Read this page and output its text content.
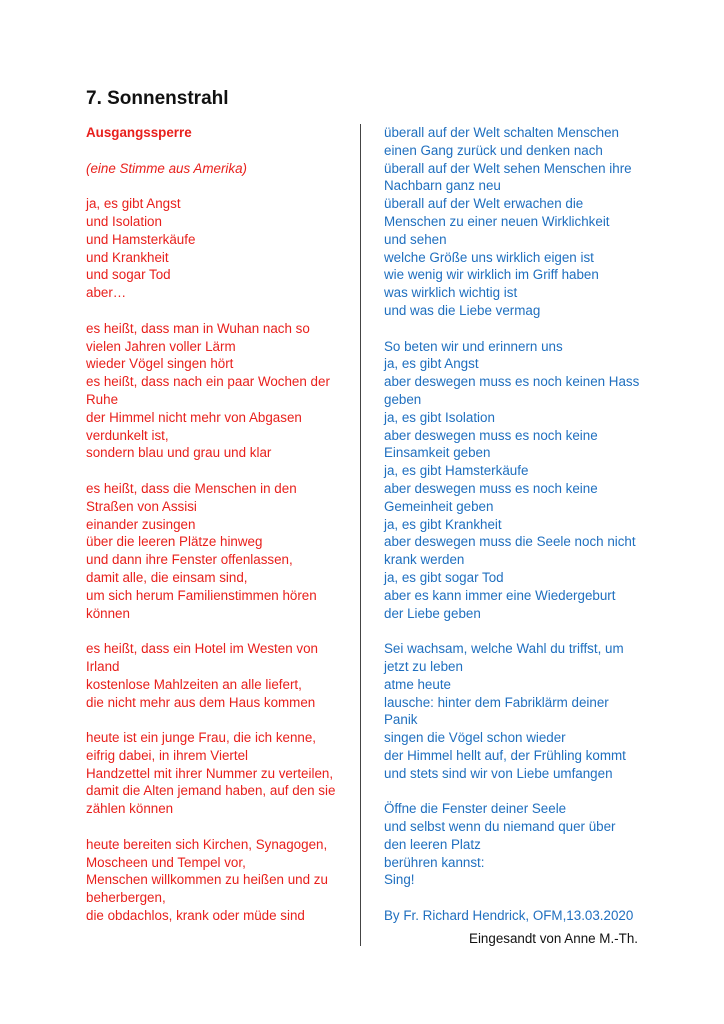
7. Sonnenstrahl
Ausgangssperre
(eine Stimme aus Amerika)
ja, es gibt Angst
und Isolation
und Hamsterkäufe
und Krankheit
und sogar Tod
aber…
es heißt, dass man in Wuhan nach so
vielen Jahren voller Lärm
wieder Vögel singen hört
es heißt, dass nach ein paar Wochen der
Ruhe
der Himmel nicht mehr von Abgasen
verdunkelt ist,
sondern blau und grau und klar
es heißt, dass die Menschen in den
Straßen von Assisi
einander zusingen
über die leeren Plätze hinweg
und dann ihre Fenster offenlassen,
damit alle, die einsam sind,
um sich herum Familienstimmen hören
können
es heißt, dass ein Hotel im Westen von
Irland
kostenlose Mahlzeiten an alle liefert,
die nicht mehr aus dem Haus kommen
heute ist ein junge Frau, die ich kenne,
eifrig dabei, in ihrem Viertel
Handzettel mit ihrer Nummer zu verteilen,
damit die Alten jemand haben, auf den sie
zählen können
heute bereiten sich Kirchen, Synagogen,
Moscheen und Tempel vor,
Menschen willkommen zu heißen und zu
beherbergen,
die obdachlos, krank oder müde sind
überall auf der Welt schalten Menschen
einen Gang zurück und denken nach
überall auf der Welt sehen Menschen ihre
Nachbarn ganz neu
überall auf der Welt erwachen die
Menschen zu einer neuen Wirklichkeit
und sehen
welche Größe uns wirklich eigen ist
wie wenig wir wirklich im Griff haben
was wirklich wichtig ist
und was die Liebe vermag
So beten wir und erinnern uns
ja, es gibt Angst
aber deswegen muss es noch keinen Hass
geben
ja, es gibt Isolation
aber deswegen muss es noch keine
Einsamkeit geben
ja, es gibt Hamsterkäufe
aber deswegen muss es noch keine
Gemeinheit geben
ja, es gibt Krankheit
aber deswegen muss die Seele noch nicht
krank werden
ja, es gibt sogar Tod
aber es kann immer eine Wiedergeburt
der Liebe geben
Sei wachsam, welche Wahl du triffst, um
jetzt zu leben
atme heute
lausche: hinter dem Fabriklärm deiner
Panik
singen die Vögel schon wieder
der Himmel hellt auf, der Frühling kommt
und stets sind wir von Liebe umfangen
Öffne die Fenster deiner Seele
und selbst wenn du niemand quer über
den leeren Platz
berühren kannst:
Sing!
By Fr. Richard Hendrick, OFM,13.03.2020
Eingesandt von Anne M.-Th.
